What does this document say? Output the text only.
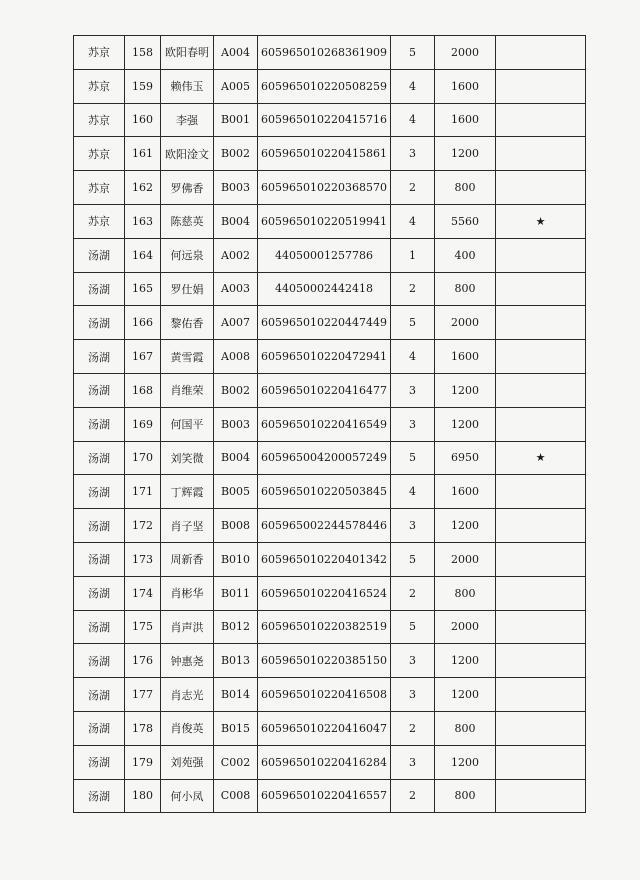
苏京	158	欧阳春明	A004	605965010268361909	5	2000	
苏京	159	赖伟玉	A005	605965010220508259	4	1600	
苏京	160	李强	B001	605965010220415716	4	1600	
苏京	161	欧阳淦文	B002	605965010220415861	3	1200	
苏京	162	罗佛香	B003	605965010220368570	2	800	
苏京	163	陈慈英	B004	605965010220519941	4	5560	★
汤湖	164	何远泉	A002	44050001257786	1	400	
汤湖	165	罗仕娟	A003	44050002442418	2	800	
汤湖	166	黎佑香	A007	605965010220447449	5	2000	
汤湖	167	黄雪霞	A008	605965010220472941	4	1600	
汤湖	168	肖维荣	B002	605965010220416477	3	1200	
汤湖	169	何国平	B003	605965010220416549	3	1200	
汤湖	170	刘笑微	B004	605965004200057249	5	6950	★
汤湖	171	丁辉霞	B005	605965010220503845	4	1600	
汤湖	172	肖子坚	B008	605965002244578446	3	1200	
汤湖	173	周新香	B010	605965010220401342	5	2000	
汤湖	174	肖彬华	B011	605965010220416524	2	800	
汤湖	175	肖声洪	B012	605965010220382519	5	2000	
汤湖	176	钟惠尧	B013	605965010220385150	3	1200	
汤湖	177	肖志光	B014	605965010220416508	3	1200	
汤湖	178	肖俊英	B015	605965010220416047	2	800	
汤湖	179	刘苑强	C002	605965010220416284	3	1200	
汤湖	180	何小凤	C008	605965010220416557	2	800	
